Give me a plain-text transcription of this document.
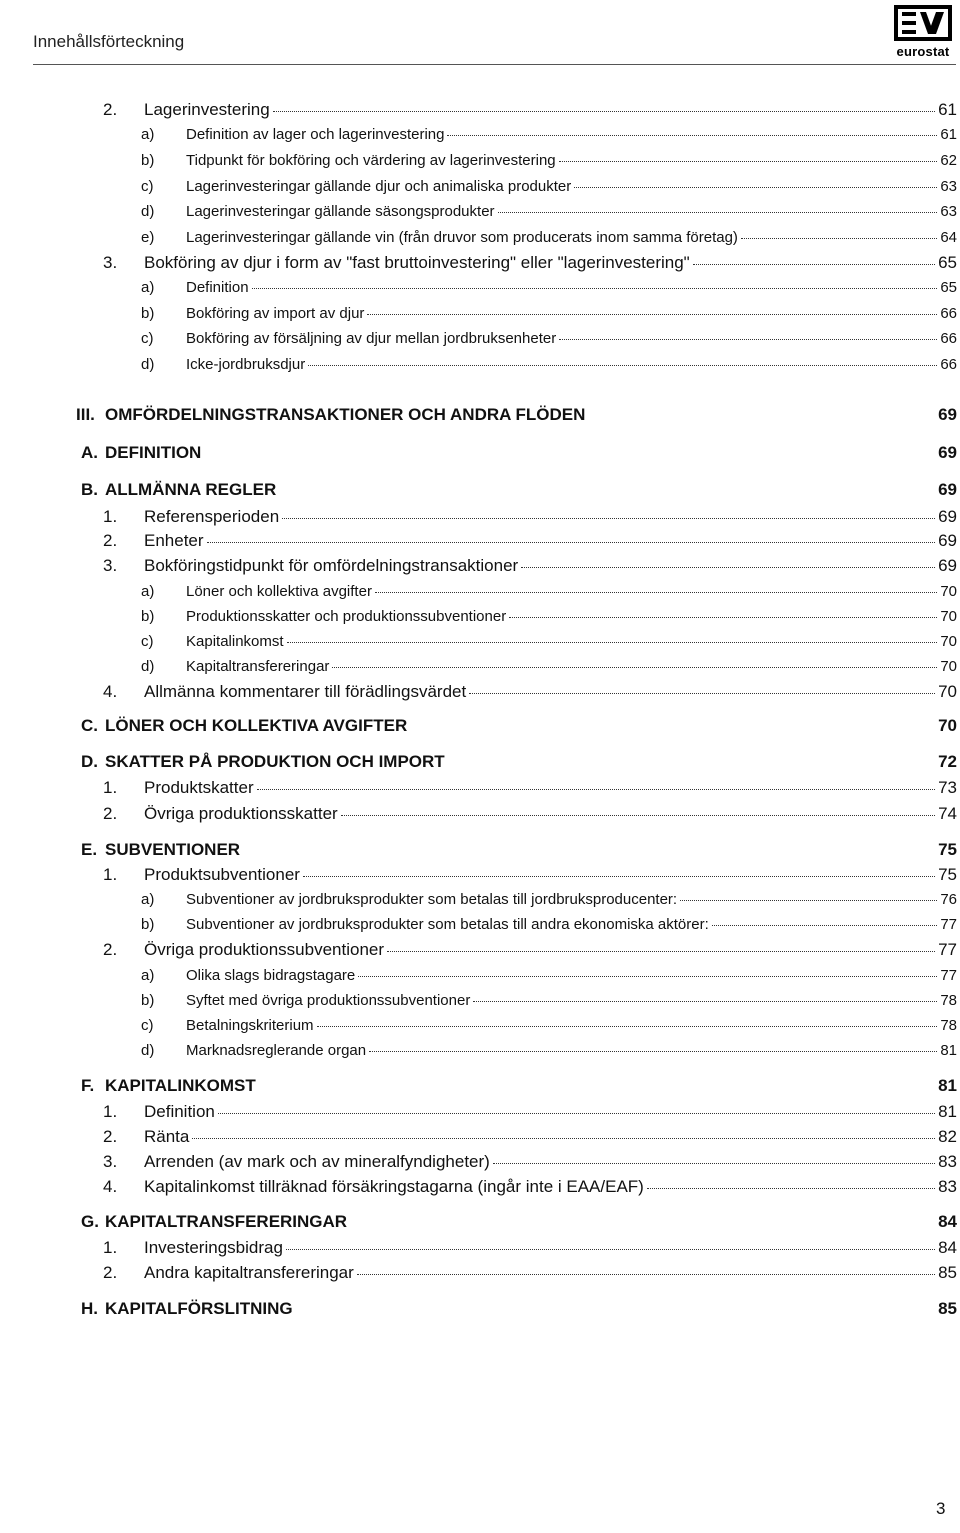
Innehållsförteckning
eurostat
2.	Lagerinvestering	61
a)	Definition av lager och lagerinvestering	61
b)	Tidpunkt för bokföring och värdering av lagerinvestering	62
c)	Lagerinvesteringar gällande djur och animaliska produkter	63
d)	Lagerinvesteringar gällande säsongsprodukter	63
e)	Lagerinvesteringar gällande vin (från druvor som producerats inom samma företag)	64
3.	Bokföring av djur i form av "fast bruttoinvestering" eller "lagerinvestering"	65
a)	Definition	65
b)	Bokföring av import av djur	66
c)	Bokföring av försäljning av djur mellan jordbruksenheter	66
d)	Icke-jordbruksdjur	66
III. OMFÖRDELNINGSTRANSAKTIONER OCH ANDRA FLÖDEN	69
A. DEFINITION	69
B. ALLMÄNNA REGLER	69
1.	Referensperioden	69
2.	Enheter	69
3.	Bokföringstidpunkt för omfördelningstransaktioner	69
a)	Löner och kollektiva avgifter	70
b)	Produktionsskatter och produktionssubventioner	70
c)	Kapitalinkomst	70
d)	Kapitaltransfereringar	70
4.	Allmänna kommentarer till förädlingsvärdet	70
C. LÖNER OCH KOLLEKTIVA AVGIFTER	70
D. SKATTER PÅ PRODUKTION OCH IMPORT	72
1.	Produktskatter	73
2.	Övriga produktionsskatter	74
E. SUBVENTIONER	75
1.	Produktsubventioner	75
a)	Subventioner av jordbruksprodukter som betalas till jordbruksproducenter:	76
b)	Subventioner av jordbruksprodukter som betalas till andra ekonomiska aktörer:	77
2.	Övriga produktionssubventioner	77
a)	Olika slags bidragstagare	77
b)	Syftet med övriga produktionssubventioner	78
c)	Betalningskriterium	78
d)	Marknadsreglerande organ	81
F. KAPITALINKOMST	81
1.	Definition	81
2.	Ränta	82
3.	Arrenden (av mark och av mineralfyndigheter)	83
4.	Kapitalinkomst tillräknad försäkringstagarna (ingår inte i EAA/EAF)	83
G. KAPITALTRANSFERERINGAR	84
1.	Investeringsbidrag	84
2.	Andra kapitaltransfereringar	85
H. KAPITALFÖRSLITNING	85
3
